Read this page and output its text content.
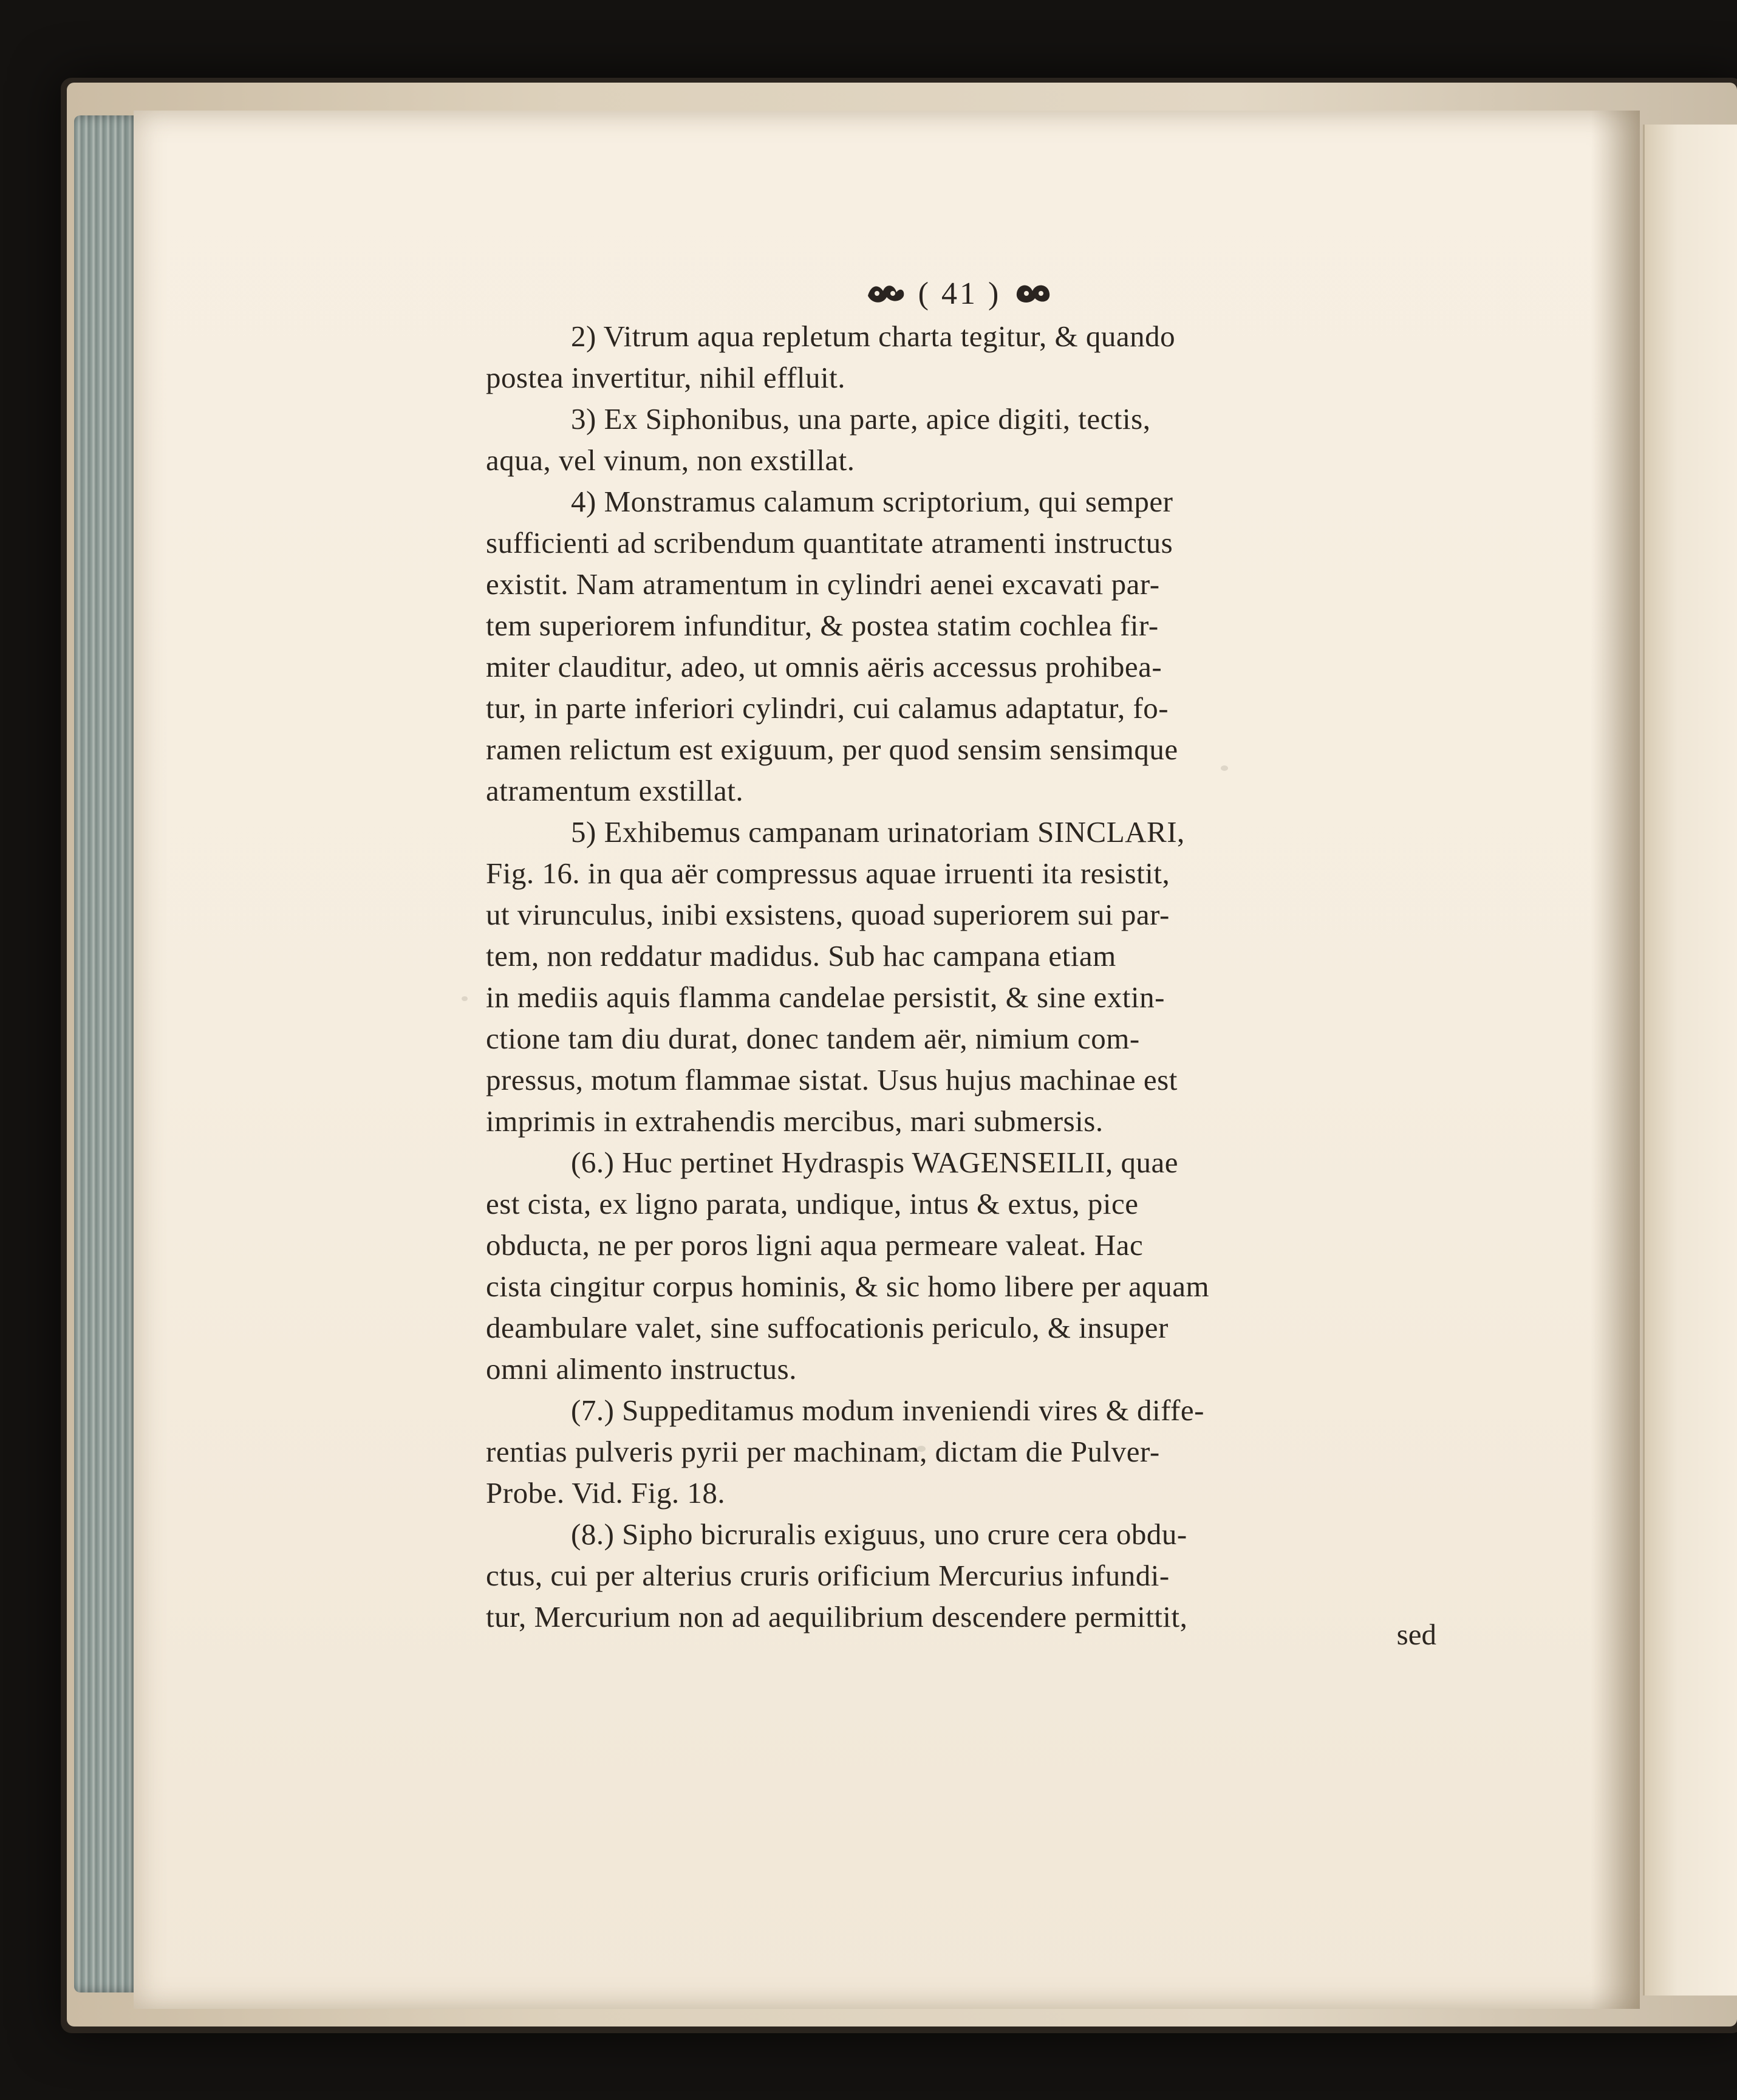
( 41 )
2) Vitrum aqua repletum charta tegitur, & quando
postea invertitur, nihil effluit.
3) Ex Siphonibus, una parte, apice digiti, tectis,
aqua, vel vinum, non exstillat.
4) Monstramus calamum scriptorium, qui semper
sufficienti ad scribendum quantitate atramenti instructus
existit. Nam atramentum in cylindri aenei excavati par-
tem superiorem infunditur, & postea statim cochlea fir-
miter clauditur, adeo, ut omnis aëris accessus prohibea-
tur, in parte inferiori cylindri, cui calamus adaptatur, fo-
ramen relictum est exiguum, per quod sensim sensimque
atramentum exstillat.
5) Exhibemus campanam urinatoriam SINCLARI,
Fig. 16. in qua aër compressus aquae irruenti ita resistit,
ut virunculus, inibi exsistens, quoad superiorem sui par-
tem, non reddatur madidus. Sub hac campana etiam
in mediis aquis flamma candelae persistit, & sine extin-
ctione tam diu durat, donec tandem aër, nimium com-
pressus, motum flammae sistat. Usus hujus machinae est
imprimis in extrahendis mercibus, mari submersis.
(6.) Huc pertinet Hydraspis WAGENSEILII, quae
est cista, ex ligno parata, undique, intus & extus, pice
obducta, ne per poros ligni aqua permeare valeat. Hac
cista cingitur corpus hominis, & sic homo libere per aquam
deambulare valet, sine suffocationis periculo, & insuper
omni alimento instructus.
(7.) Suppeditamus modum inveniendi vires & diffe-
rentias pulveris pyrii per machinam, dictam die Pulver-
Probe. Vid. Fig. 18.
(8.) Sipho bicruralis exiguus, uno crure cera obdu-
ctus, cui per alterius cruris orificium Mercurius infundi-
tur, Mercurium non ad aequilibrium descendere permittit,
sed
